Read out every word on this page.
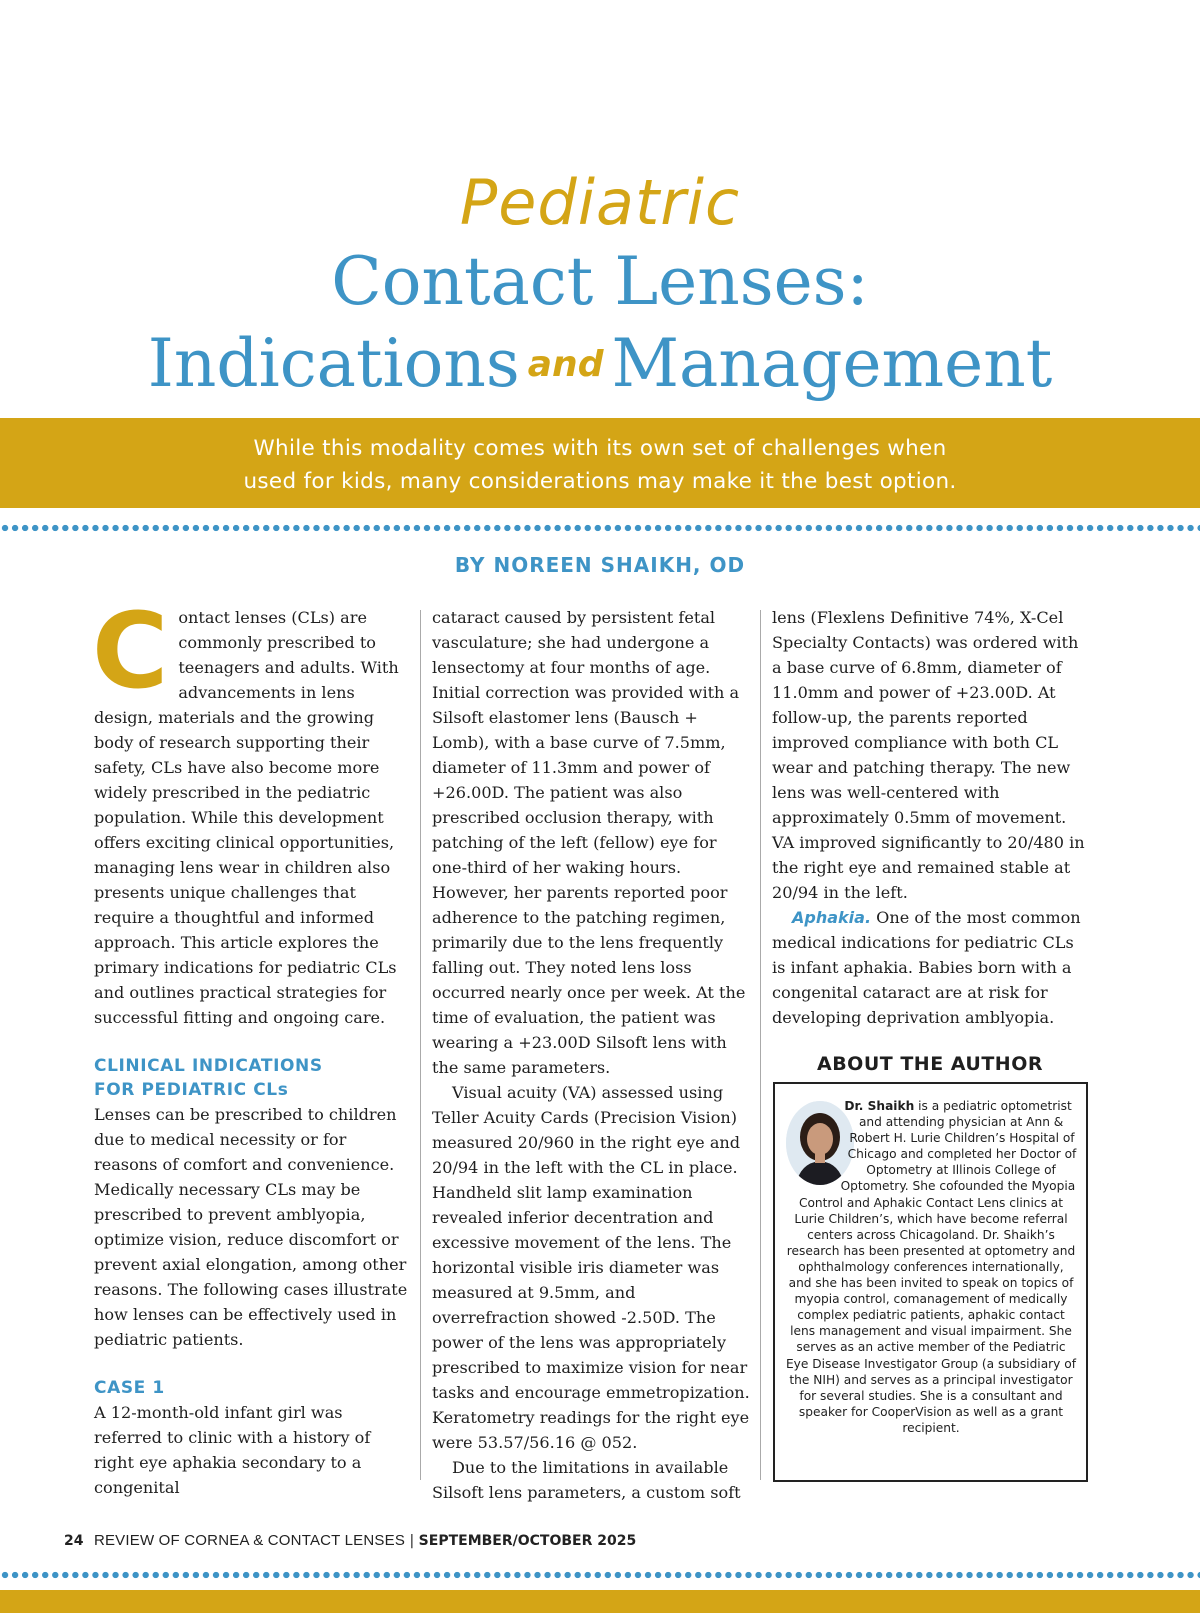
Pediatric
Contact Lenses:
Indications and Management
While this modality comes with its own set of challenges when
used for kids, many considerations may make it the best option.
BY NOREEN SHAIKH, OD

Contact lenses (CLs) are commonly prescribed to teenagers and adults. With advancements in lens design, materials and the growing body of research supporting their safety, CLs have also become more widely prescribed in the pediatric population. While this development offers exciting clinical opportunities, managing lens wear in children also presents unique challenges that require a thoughtful and informed approach. This article explores the primary indications for pediatric CLs and outlines practical strategies for successful fitting and ongoing care.

CLINICAL INDICATIONS
FOR PEDIATRIC CLs

Lenses can be prescribed to children due to medical necessity or for reasons of comfort and convenience. Medically necessary CLs may be prescribed to prevent amblyopia, optimize vision, reduce discomfort or prevent axial elongation, among other reasons. The following cases illustrate how lenses can be effectively used in pediatric patients.

CASE 1

A 12-month-old infant girl was referred to clinic with a history of right eye aphakia secondary to a congenital

cataract caused by persistent fetal vasculature; she had undergone a lensectomy at four months of age. Initial correction was provided with a Silsoft elastomer lens (Bausch + Lomb), with a base curve of 7.5mm, diameter of 11.3mm and power of +26.00D. The patient was also prescribed occlusion therapy, with patching of the left (fellow) eye for one-third of her waking hours. However, her parents reported poor adherence to the patching regimen, primarily due to the lens frequently falling out. They noted lens loss occurred nearly once per week. At the time of evaluation, the patient was wearing a +23.00D Silsoft lens with the same parameters.

Visual acuity (VA) assessed using Teller Acuity Cards (Precision Vision) measured 20/960 in the right eye and 20/94 in the left with the CL in place. Handheld slit lamp examination revealed inferior decentration and excessive movement of the lens. The horizontal visible iris diameter was measured at 9.5mm, and overrefraction showed -2.50D. The power of the lens was appropriately prescribed to maximize vision for near tasks and encourage emmetropization. Keratometry readings for the right eye were 53.57/56.16 @ 052.

Due to the limitations in available Silsoft lens parameters, a custom soft

lens (Flexlens Definitive 74%, X-Cel Specialty Contacts) was ordered with a base curve of 6.8mm, diameter of 11.0mm and power of +23.00D. At follow-up, the parents reported improved compliance with both CL wear and patching therapy. The new lens was well-centered with approximately 0.5mm of movement. VA improved significantly to 20/480 in the right eye and remained stable at 20/94 in the left.

Aphakia. One of the most common medical indications for pediatric CLs is infant aphakia. Babies born with a congenital cataract are at risk for developing deprivation amblyopia.

ABOUT THE AUTHOR
Dr. Shaikh is a pediatric optometrist and attending physician at Ann & Robert H. Lurie Children’s Hospital of Chicago and completed her Doctor of Optometry at Illinois College of Optometry. She cofounded the Myopia Control and Aphakic Contact Lens clinics at Lurie Children’s, which have become referral centers across Chicagoland. Dr. Shaikh’s research has been presented at optometry and ophthalmology conferences internationally, and she has been invited to speak on topics of myopia control, comanagement of medically complex pediatric patients, aphakic contact lens management and visual impairment. She serves as an active member of the Pediatric Eye Disease Investigator Group (a subsidiary of the NIH) and serves as a principal investigator for several studies. She is a consultant and speaker for CooperVision as well as a grant recipient.
24 REVIEW OF CORNEA & CONTACT LENSES | SEPTEMBER/OCTOBER 2025
